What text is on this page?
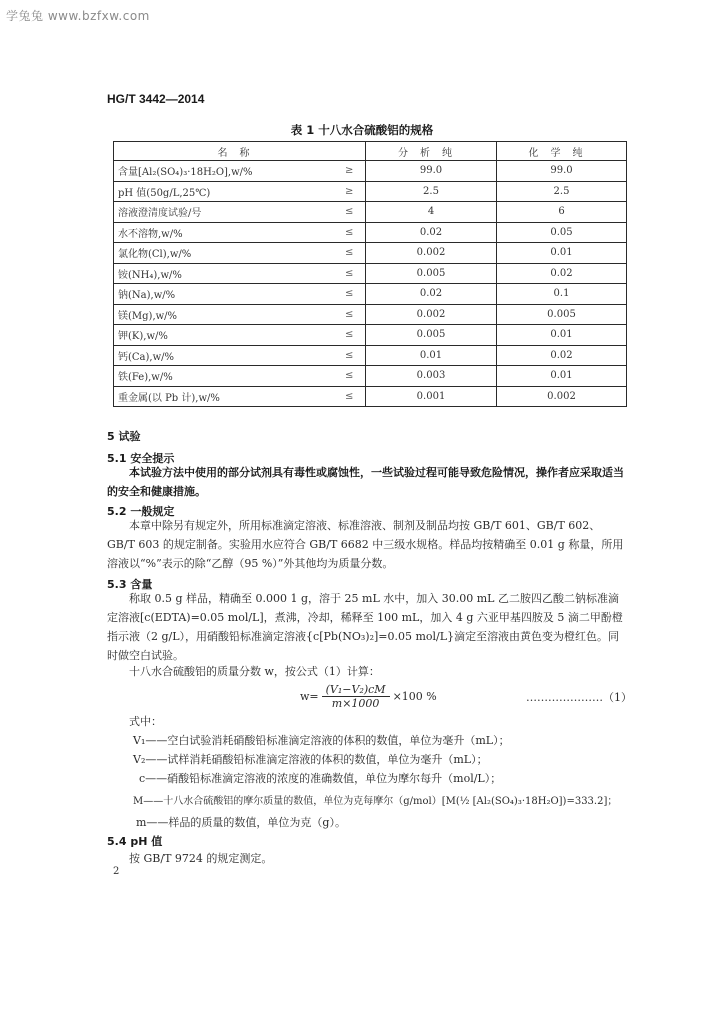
学兔兔 www.bzfxw.com
HG/T 3442—2014
表 1 十八水合硫酸铝的规格
名称		分析纯	化学纯
含量[Al₂(SO₄)₃·18H₂O],w/%	≥	99.0	99.0
pH 值(50g/L,25℃)	≥	2.5	2.5
溶液澄清度试验/号	≤	4	6
水不溶物,w/%	≤	0.02	0.05
氯化物(Cl),w/%	≤	0.002	0.01
铵(NH₄),w/%	≤	0.005	0.02
钠(Na),w/%	≤	0.02	0.1
镁(Mg),w/%	≤	0.002	0.005
钾(K),w/%	≤	0.005	0.01
钙(Ca),w/%	≤	0.01	0.02
铁(Fe),w/%	≤	0.003	0.01
重金属(以 Pb 计),w/%	≤	0.001	0.002
5 试验
5.1 安全提示
本试验方法中使用的部分试剂具有毒性或腐蚀性，一些试验过程可能导致危险情况，操作者应采取适当的安全和健康措施。
5.2 一般规定
本章中除另有规定外，所用标准滴定溶液、标准溶液、制剂及制品均按 GB/T 601、GB/T 602、GB/T 603 的规定制备。实验用水应符合 GB/T 6682 中三级水规格。样品均按精确至 0.01 g 称量，所用溶液以“%”表示的除“乙醇（95 %）”外其他均为质量分数。
5.3 含量
称取 0.5 g 样品，精确至 0.000 1 g，溶于 25 mL 水中，加入 30.00 mL 乙二胺四乙酸二钠标准滴定溶液[c(EDTA)=0.05 mol/L]，煮沸，冷却，稀释至 100 mL，加入 4 g 六亚甲基四胺及 5 滴二甲酚橙指示液（2 g/L），用硝酸铅标准滴定溶液{c[Pb(NO₃)₂]=0.05 mol/L}滴定至溶液由黄色变为橙红色。同时做空白试验。
十八水合硫酸铝的质量分数 w，按公式（1）计算：
$w= \frac{\text{(V₁−V₂)cM}}{m\times 1000} \times 100$ %	…………………（1）
式中：
V₁——空白试验消耗硝酸铅标准滴定溶液的体积的数值，单位为毫升（mL）；
V₂——试样消耗硝酸铅标准滴定溶液的体积的数值，单位为毫升（mL）；
c——硝酸铅标准滴定溶液的浓度的准确数值，单位为摩尔每升（mol/L）；
M——十八水合硫酸铝的摩尔质量的数值，单位为克每摩尔（g/mol）[M(½ [Al₂(SO₄)₃·18H₂O])=333.2]；
m——样品的质量的数值，单位为克（g）。
5.4 pH 值
按 GB/T 9724 的规定测定。
2
